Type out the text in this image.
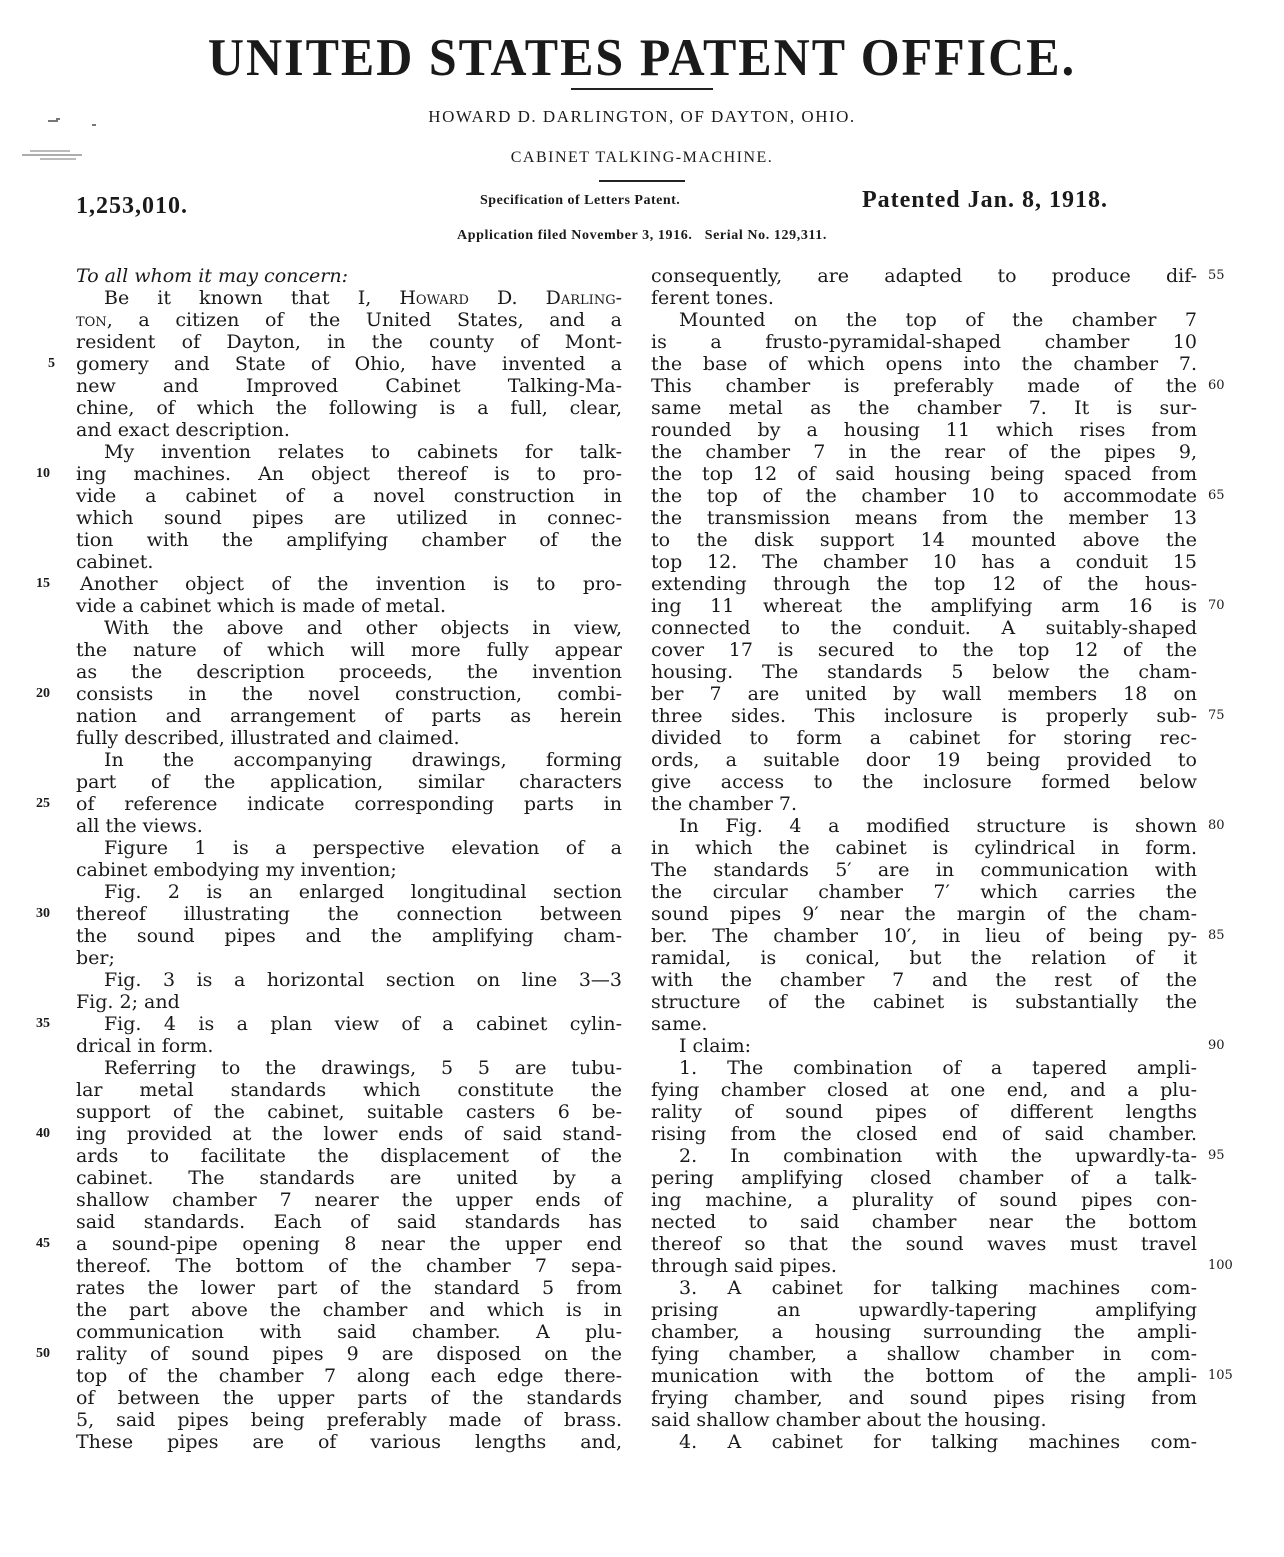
UNITED STATES PATENT OFFICE.
HOWARD D. DARLINGTON, OF DAYTON, OHIO.
CABINET TALKING-MACHINE.
1,253,010.	Specification of Letters Patent.	Patented Jan. 8, 1918.
Application filed November 3, 1916.   Serial No. 129,311.
To all whom it may concern:
Be it known that I, Howard D. Darling-
ton, a citizen of the United States, and a
resident of Dayton, in the county of Mont-
gomery and State of Ohio, have invented a
new and Improved Cabinet Talking-Ma-
chine, of which the following is a full, clear,
and exact description.
My invention relates to cabinets for talk-
ing machines. An object thereof is to pro-
vide a cabinet of a novel construction in
which sound pipes are utilized in connec-
tion with the amplifying chamber of the
cabinet.
Another object of the invention is to pro-
vide a cabinet which is made of metal.
With the above and other objects in view,
the nature of which will more fully appear
as the description proceeds, the invention
consists in the novel construction, combi-
nation and arrangement of parts as herein
fully described, illustrated and claimed.
In the accompanying drawings, forming
part of the application, similar characters
of reference indicate corresponding parts in
all the views.
Figure 1 is a perspective elevation of a
cabinet embodying my invention;
Fig. 2 is an enlarged longitudinal section
thereof illustrating the connection between
the sound pipes and the amplifying cham-
ber;
Fig. 3 is a horizontal section on line 3—3
Fig. 2; and
Fig. 4 is a plan view of a cabinet cylin-
drical in form.
Referring to the drawings, 5 5 are tubu-
lar metal standards which constitute the
support of the cabinet, suitable casters 6 be-
ing provided at the lower ends of said stand-
ards to facilitate the displacement of the
cabinet. The standards are united by a
shallow chamber 7 nearer the upper ends of
said standards. Each of said standards has
a sound-pipe opening 8 near the upper end
thereof. The bottom of the chamber 7 sepa-
rates the lower part of the standard 5 from
the part above the chamber and which is in
communication with said chamber. A plu-
rality of sound pipes 9 are disposed on the
top of the chamber 7 along each edge there-
of between the upper parts of the standards
5, said pipes being preferably made of brass.
These pipes are of various lengths and,
5
10
15
20
25
30
35
40
45
50
consequently, are adapted to produce dif-
ferent tones.
Mounted on the top of the chamber 7
is a frusto-pyramidal-shaped chamber 10
the base of which opens into the chamber 7.
This chamber is preferably made of the
same metal as the chamber 7. It is sur-
rounded by a housing 11 which rises from
the chamber 7 in the rear of the pipes 9,
the top 12 of said housing being spaced from
the top of the chamber 10 to accommodate
the transmission means from the member 13
to the disk support 14 mounted above the
top 12. The chamber 10 has a conduit 15
extending through the top 12 of the hous-
ing 11 whereat the amplifying arm 16 is
connected to the conduit. A suitably-shaped
cover 17 is secured to the top 12 of the
housing. The standards 5 below the cham-
ber 7 are united by wall members 18 on
three sides. This inclosure is properly sub-
divided to form a cabinet for storing rec-
ords, a suitable door 19 being provided to
give access to the inclosure formed below
the chamber 7.
In Fig. 4 a modified structure is shown
in which the cabinet is cylindrical in form.
The standards 5′ are in communication with
the circular chamber 7′ which carries the
sound pipes 9′ near the margin of the cham-
ber. The chamber 10′, in lieu of being py-
ramidal, is conical, but the relation of it
with the chamber 7 and the rest of the
structure of the cabinet is substantially the
same.
I claim:
1. The combination of a tapered ampli-
fying chamber closed at one end, and a plu-
rality of sound pipes of different lengths
rising from the closed end of said chamber.
2. In combination with the upwardly-ta-
pering amplifying closed chamber of a talk-
ing machine, a plurality of sound pipes con-
nected to said chamber near the bottom
thereof so that the sound waves must travel
through said pipes.
3. A cabinet for talking machines com-
prising an upwardly-tapering amplifying
chamber, a housing surrounding the ampli-
fying chamber, a shallow chamber in com-
munication with the bottom of the ampli-
frying chamber, and sound pipes rising from
said shallow chamber about the housing.
4. A cabinet for talking machines com-
55
60
65
70
75
80
85
90
95
100
105
